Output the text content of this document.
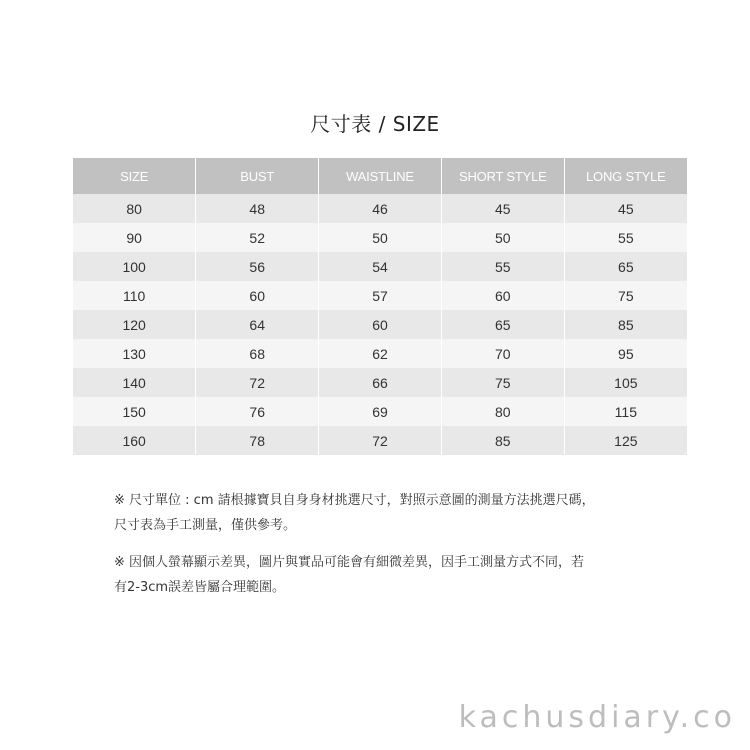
尺寸表 / SIZE
SIZE	BUST	WAISTLINE	SHORT STYLE	LONG STYLE
80	48	46	45	45
90	52	50	50	55
100	56	54	55	65
110	60	57	60	75
120	64	60	65	85
130	68	62	70	95
140	72	66	75	105
150	76	69	80	115
160	78	72	85	125
※ 尺寸單位 : cm 請根據寶貝自身身材挑選尺寸，對照示意圖的測量方法挑選尺碼，
尺寸表為手工測量，僅供參考。
※ 因個人螢幕顯示差異，圖片與實品可能會有細微差異，因手工測量方式不同，若
有2-3cm誤差皆屬合理範圍。
kachusdiary.co
